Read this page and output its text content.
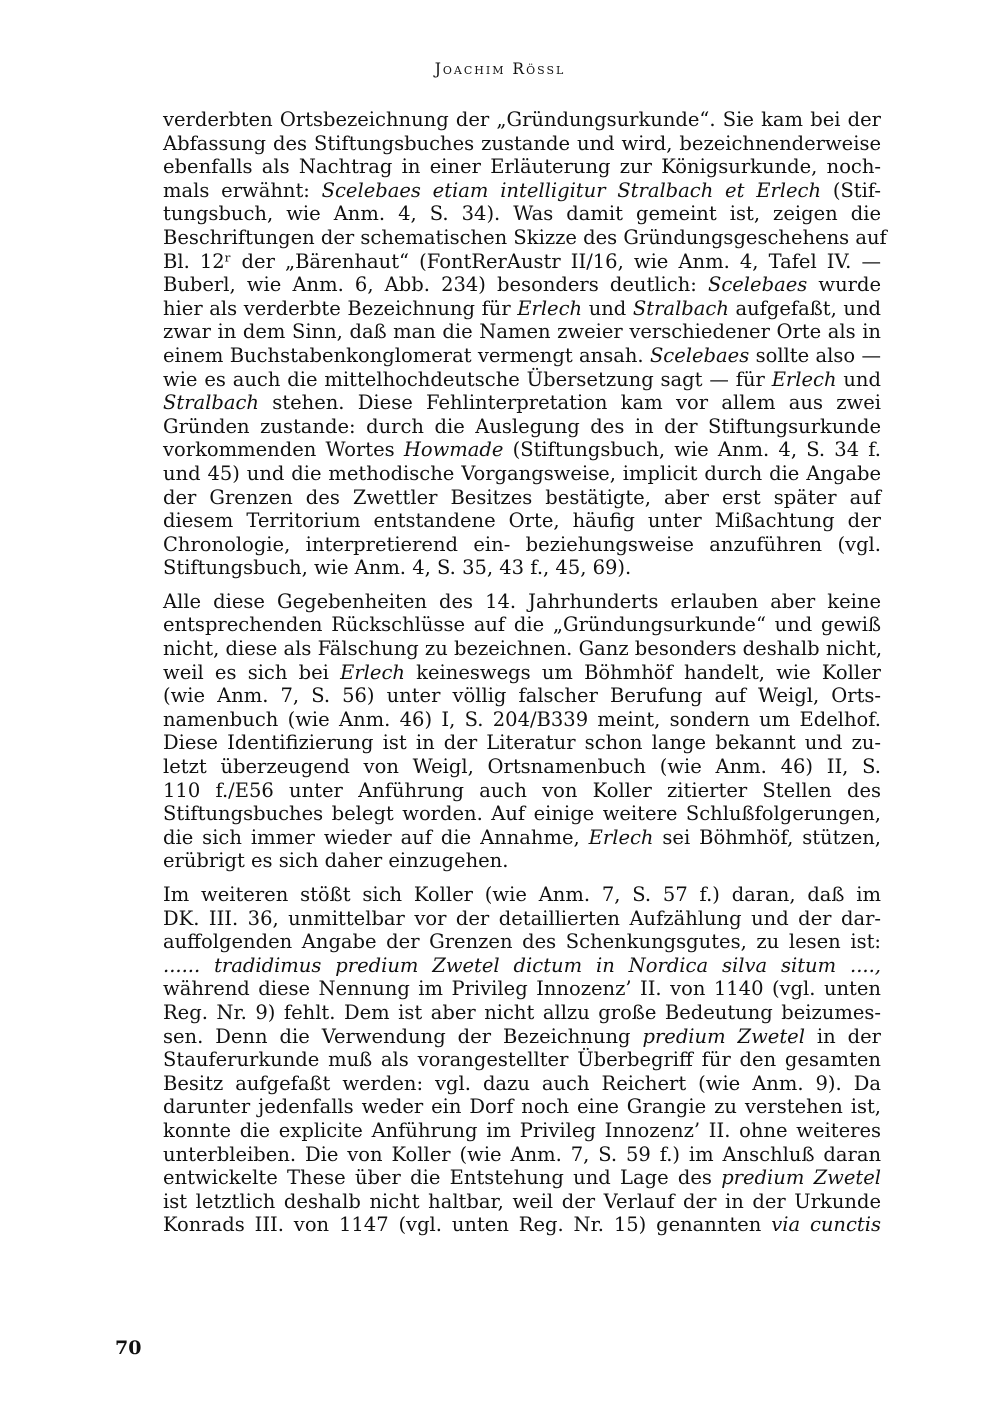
Joachim Rössl
verderbten Ortsbezeichnung der „Gründungsurkunde“. Sie kam bei der
Abfassung des Stiftungsbuches zustande und wird, bezeichnenderweise
ebenfalls als Nachtrag in einer Erläuterung zur Königsurkunde, noch-
mals erwähnt: Scelebaes etiam intelligitur Stralbach et Erlech (Stif-
tungsbuch, wie Anm. 4, S. 34). Was damit gemeint ist, zeigen die
Beschriftungen der schematischen Skizze des Gründungsgeschehens auf
Bl. 12ʳ der „Bärenhaut“ (FontRerAustr II/16, wie Anm. 4, Tafel IV. —
Buberl, wie Anm. 6, Abb. 234) besonders deutlich: Scelebaes wurde
hier als verderbte Bezeichnung für Erlech und Stralbach aufgefaßt, und
zwar in dem Sinn, daß man die Namen zweier verschiedener Orte als in
einem Buchstabenkonglomerat vermengt ansah. Scelebaes sollte also —
wie es auch die mittelhochdeutsche Übersetzung sagt — für Erlech und
Stralbach stehen. Diese Fehlinterpretation kam vor allem aus zwei
Gründen zustande: durch die Auslegung des in der Stiftungsurkunde
vorkommenden Wortes Howmade (Stiftungsbuch, wie Anm. 4, S. 34 f.
und 45) und die methodische Vorgangsweise, implicit durch die Angabe
der Grenzen des Zwettler Besitzes bestätigte, aber erst später auf
diesem Territorium entstandene Orte, häufig unter Mißachtung der
Chronologie, interpretierend ein- beziehungsweise anzuführen (vgl.
Stiftungsbuch, wie Anm. 4, S. 35, 43 f., 45, 69).
Alle diese Gegebenheiten des 14. Jahrhunderts erlauben aber keine
entsprechenden Rückschlüsse auf die „Gründungsurkunde“ und gewiß
nicht, diese als Fälschung zu bezeichnen. Ganz besonders deshalb nicht,
weil es sich bei Erlech keineswegs um Böhmhöf handelt, wie Koller
(wie Anm. 7, S. 56) unter völlig falscher Berufung auf Weigl, Orts-
namenbuch (wie Anm. 46) I, S. 204/B339 meint, sondern um Edelhof.
Diese Identifizierung ist in der Literatur schon lange bekannt und zu-
letzt überzeugend von Weigl, Ortsnamenbuch (wie Anm. 46) II, S.
110 f./E56 unter Anführung auch von Koller zitierter Stellen des
Stiftungsbuches belegt worden. Auf einige weitere Schlußfolgerungen,
die sich immer wieder auf die Annahme, Erlech sei Böhmhöf, stützen,
erübrigt es sich daher einzugehen.
Im weiteren stößt sich Koller (wie Anm. 7, S. 57 f.) daran, daß im
DK. III. 36, unmittelbar vor der detaillierten Aufzählung und der dar-
auffolgenden Angabe der Grenzen des Schenkungsgutes, zu lesen ist:
...... tradidimus predium Zwetel dictum in Nordica silva situm ....,
während diese Nennung im Privileg Innozenz’ II. von 1140 (vgl. unten
Reg. Nr. 9) fehlt. Dem ist aber nicht allzu große Bedeutung beizumes-
sen. Denn die Verwendung der Bezeichnung predium Zwetel in der
Stauferurkunde muß als vorangestellter Überbegriff für den gesamten
Besitz aufgefaßt werden: vgl. dazu auch Reichert (wie Anm. 9). Da
darunter jedenfalls weder ein Dorf noch eine Grangie zu verstehen ist,
konnte die explicite Anführung im Privileg Innozenz’ II. ohne weiteres
unterbleiben. Die von Koller (wie Anm. 7, S. 59 f.) im Anschluß daran
entwickelte These über die Entstehung und Lage des predium Zwetel
ist letztlich deshalb nicht haltbar, weil der Verlauf der in der Urkunde
Konrads III. von 1147 (vgl. unten Reg. Nr. 15) genannten via cunctis
70
